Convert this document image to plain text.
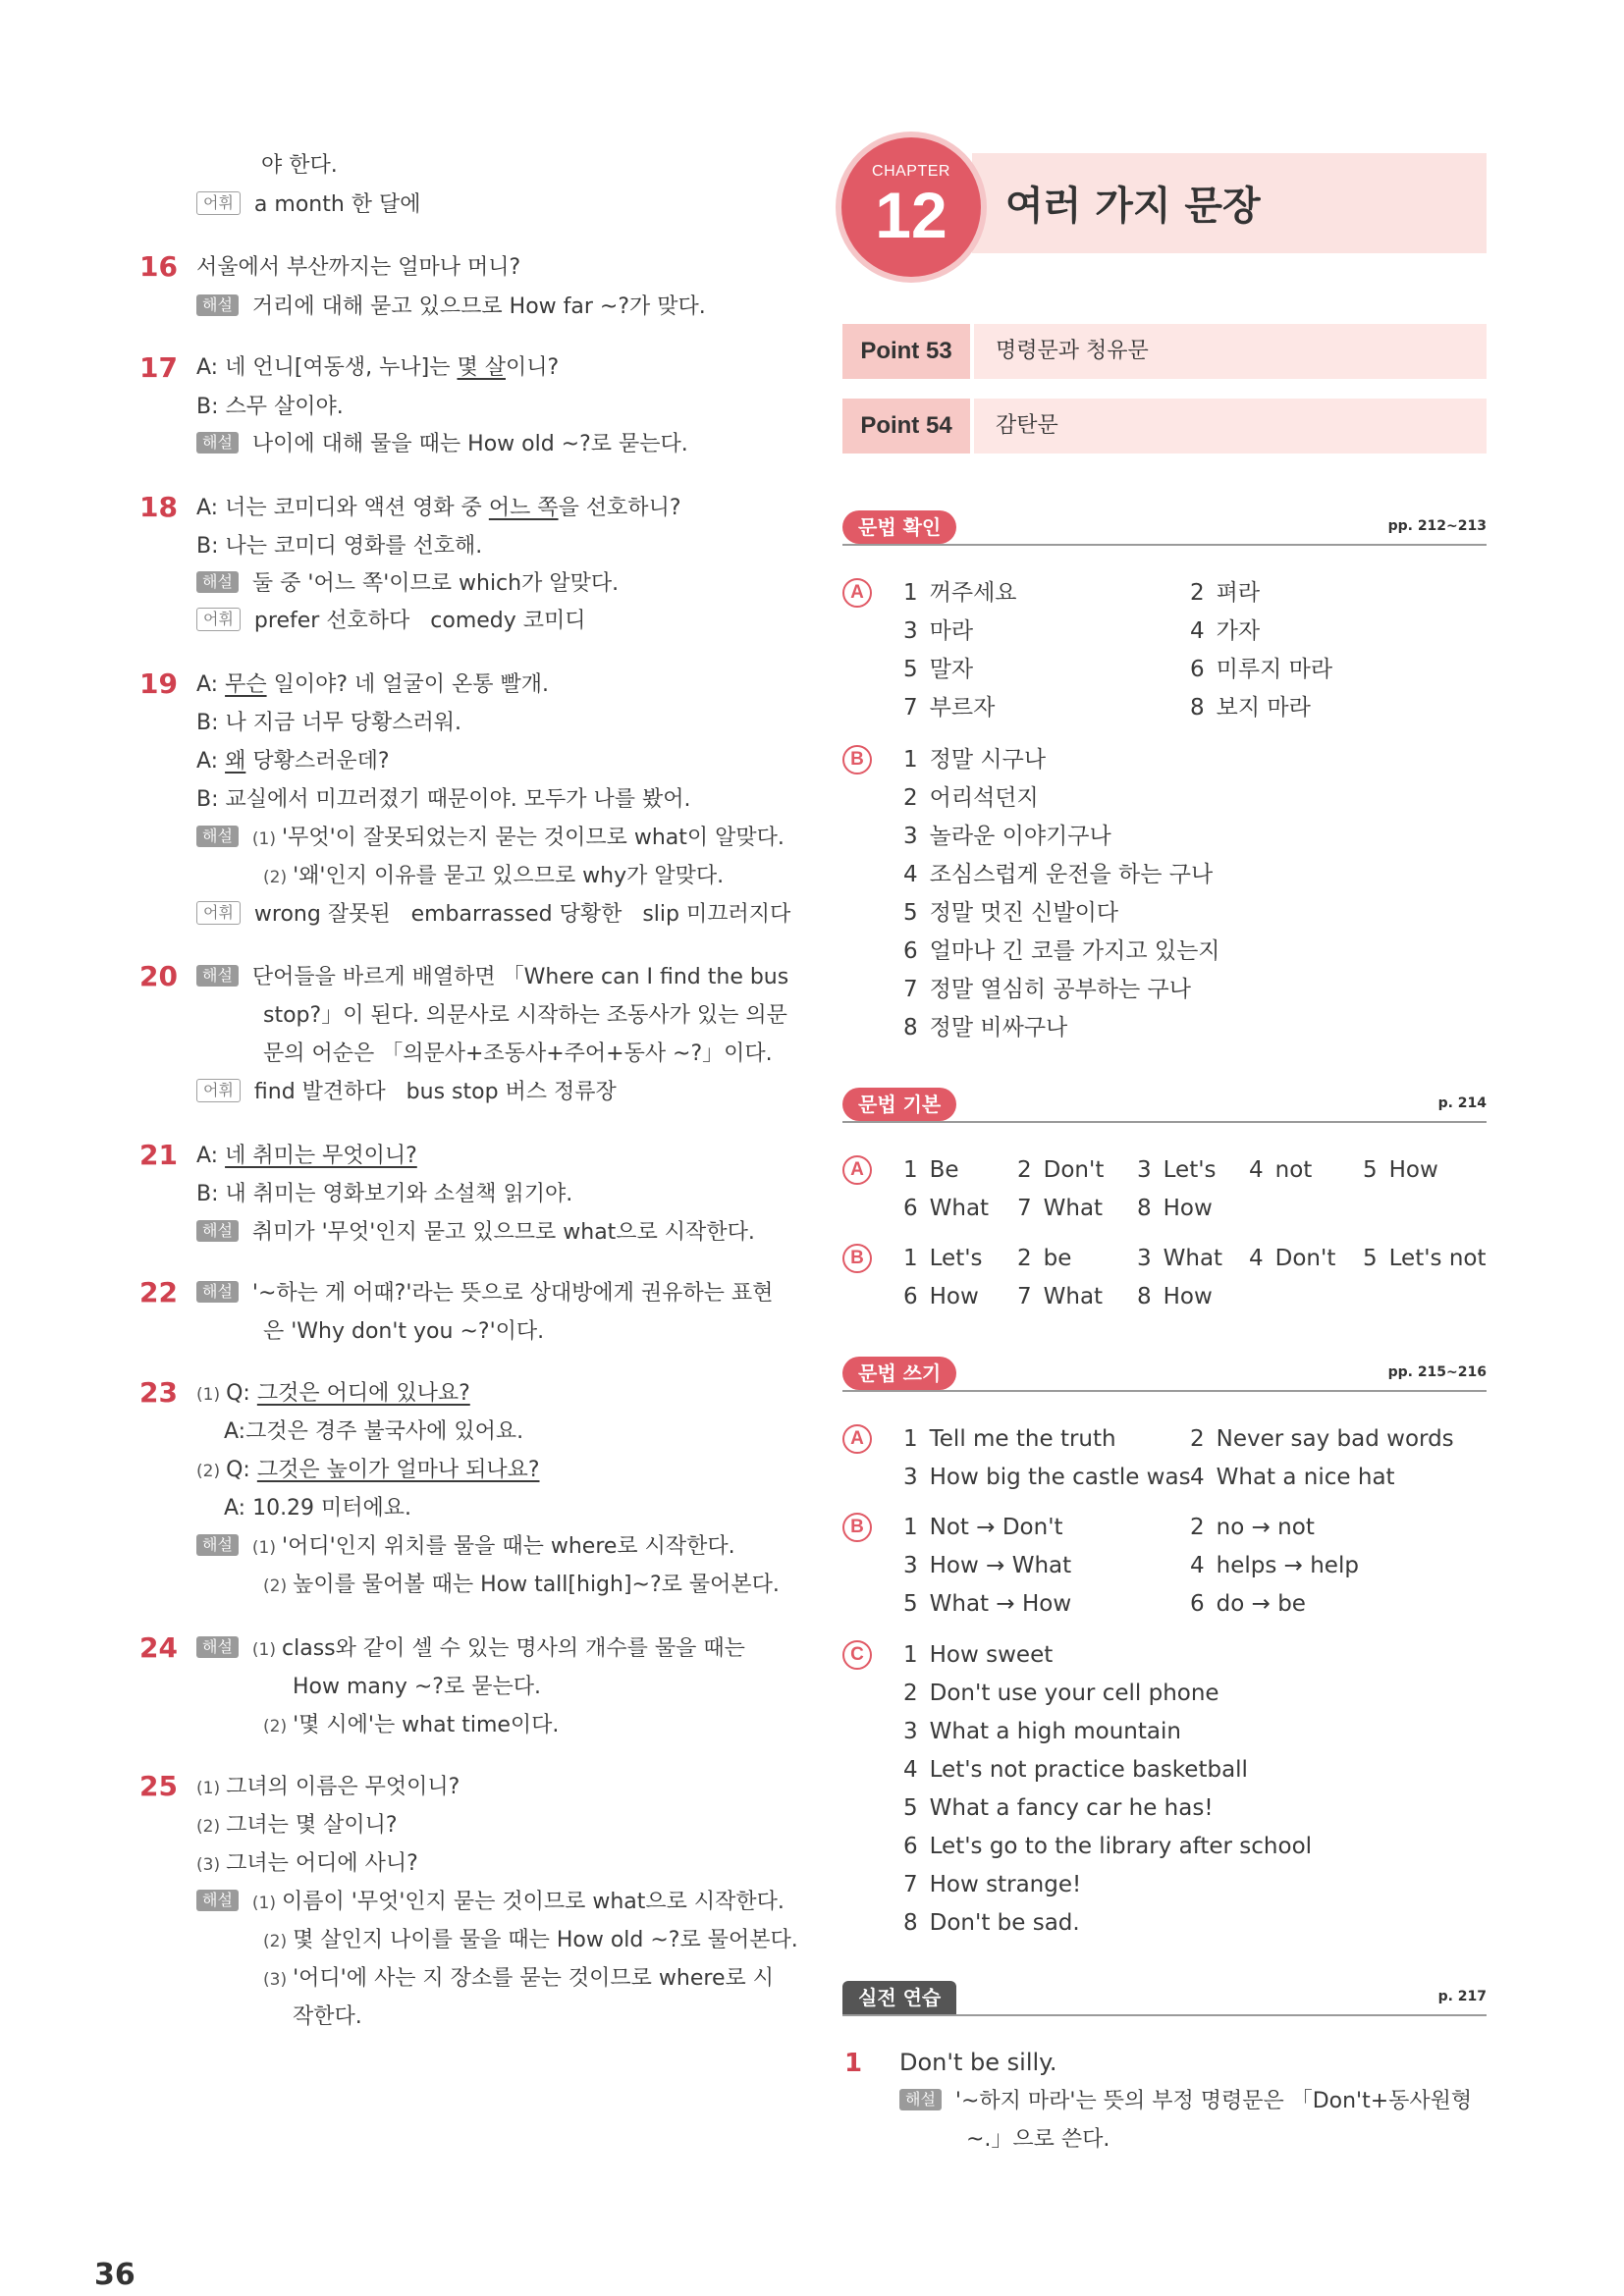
야 한다.
어휘 a month 한 달에
16 서울에서 부산까지는 얼마나 머니?
해설 거리에 대해 묻고 있으므로 How far ~?가 맞다.
17 A: 네 언니[여동생, 누나]는 몇 살이니?
B: 스무 살이야.
해설 나이에 대해 물을 때는 How old ~?로 묻는다.
18 A: 너는 코미디와 액션 영화 중 어느 쪽을 선호하니?
B: 나는 코미디 영화를 선호해.
해설 둘 중 '어느 쪽'이므로 which가 알맞다.
어휘 prefer 선호하다   comedy 코미디
19 A: 무슨 일이야? 네 얼굴이 온통 빨개.
B: 나 지금 너무 당황스러워.
A: 왜 당황스러운데?
B: 교실에서 미끄러졌기 때문이야. 모두가 나를 봤어.
해설 (1) '무엇'이 잘못되었는지 묻는 것이므로 what이 알맞다.
(2) '왜'인지 이유를 묻고 있으므로 why가 알맞다.
어휘 wrong 잘못된   embarrassed 당황한   slip 미끄러지다
20	해설 단어들을 바르게 배열하면 「Where can I find the bus
stop?」이 된다. 의문사로 시작하는 조동사가 있는 의문
문의 어순은 「의문사+조동사+주어+동사 ~?」이다.
어휘 find 발견하다   bus stop 버스 정류장
21 A: 네 취미는 무엇이니?
B: 내 취미는 영화보기와 소설책 읽기야.
해설 취미가 '무엇'인지 묻고 있으므로 what으로 시작한다.
22	해설 '~하는 게 어때?'라는 뜻으로 상대방에게 권유하는 표현
은 'Why don't you ~?'이다.
23 (1) Q: 그것은 어디에 있나요?
A:그것은 경주 불국사에 있어요.
(2) Q: 그것은 높이가 얼마나 되나요?
A: 10.29 미터에요.
해설 (1) '어디'인지 위치를 물을 때는 where로 시작한다.
(2) 높이를 물어볼 때는 How tall[high]~?로 물어본다.
24	해설 (1) class와 같이 셀 수 있는 명사의 개수를 물을 때는
How many ~?로 묻는다.
(2) '몇 시에'는 what time이다.
25 (1) 그녀의 이름은 무엇이니?
(2) 그녀는 몇 살이니?
(3) 그녀는 어디에 사니?
해설 (1) 이름이 '무엇'인지 묻는 것이므로 what으로 시작한다.
(2) 몇 살인지 나이를 물을 때는 How old ~?로 물어본다.
(3) '어디'에 사는 지 장소를 묻는 것이므로 where로 시
작한다.
36
CHAPTER
12	여러 가지 문장
Point 53	명령문과 청유문
Point 54	감탄문
문법 확인	pp. 212~213
A	1 꺼주세요	2 펴라
3 마라	4 가자
5 말자	6 미루지 마라
7 부르자	8 보지 마라
B	1 정말 시구나
2 어리석던지
3 놀라운 이야기구나
4 조심스럽게 운전을 하는 구나
5 정말 멋진 신발이다
6 얼마나 긴 코를 가지고 있는지
7 정말 열심히 공부하는 구나
8 정말 비싸구나
문법 기본	p. 214
A	1 Be	2 Don't 3 Let's 4 not 5 How
6 What 7 What 8 How
B	1 Let's 2 be	3 What 4 Don't 5 Let's not
6 How 7 What 8 How
문법 쓰기	pp. 215~216
A	1 Tell me the truth	2 Never say bad words
3 How big the castle was 4 What a nice hat
B	1 Not → Don't	2 no → not
3 How → What	4 helps → help
5 What → How	6 do → be
C	1 How sweet
2 Don't use your cell phone
3 What a high mountain
4 Let's not practice basketball
5 What a fancy car he has!
6 Let's go to the library after school
7 How strange!
8 Don't be sad.
실전 연습	p. 217
1 Don't be silly.
해설 '~하지 마라'는 뜻의 부정 명령문은 「Don't+동사원형
~.」으로 쓴다.
